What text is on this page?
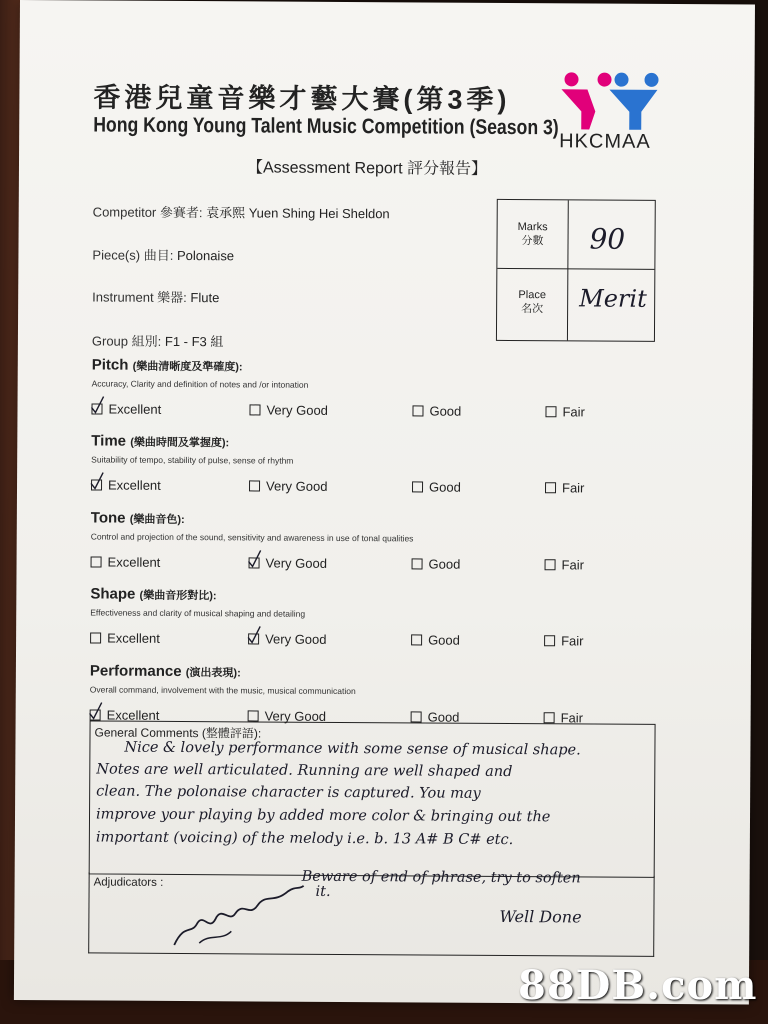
香港兒童音樂才藝大賽(第3季)
Hong Kong Young Talent Music Competition (Season 3)
HKCMAA
【Assessment Report 評分報告】
Competitor 參賽者: 袁承熙 Yuen Shing Hei Sheldon
Piece(s) 曲目: Polonaise
Instrument 樂器: Flute
Group 組別: F1 - F3 組
Marks
分數	90
Place
名次	Merit
Pitch (樂曲清晰度及準確度):
Accuracy, Clarity and definition of notes and /or intonation
Excellent	Very Good	Good	Fair
Time (樂曲時間及掌握度):
Suitability of tempo, stability of pulse, sense of rhythm
Excellent	Very Good	Good	Fair
Tone (樂曲音色):
Control and projection of the sound, sensitivity and awareness in use of tonal qualities
Excellent	Very Good	Good	Fair
Shape (樂曲音形對比):
Effectiveness and clarity of musical shaping and detailing
Excellent	Very Good	Good	Fair
Performance (演出表現):
Overall command, involvement with the music, musical communication
Excellent	Very Good	Good	Fair
General Comments (整體評語):
Nice & lovely performance with some sense of musical shape.
Notes are well articulated. Running are well shaped and
clean. The polonaise character is captured. You may
improve your playing by added more color & bringing out the
important (voicing) of the melody i.e. b. 13 A# B C# etc.
Beware of end of phrase, try to soften
Adjudicators :
it.
Well Done
88DB.com
